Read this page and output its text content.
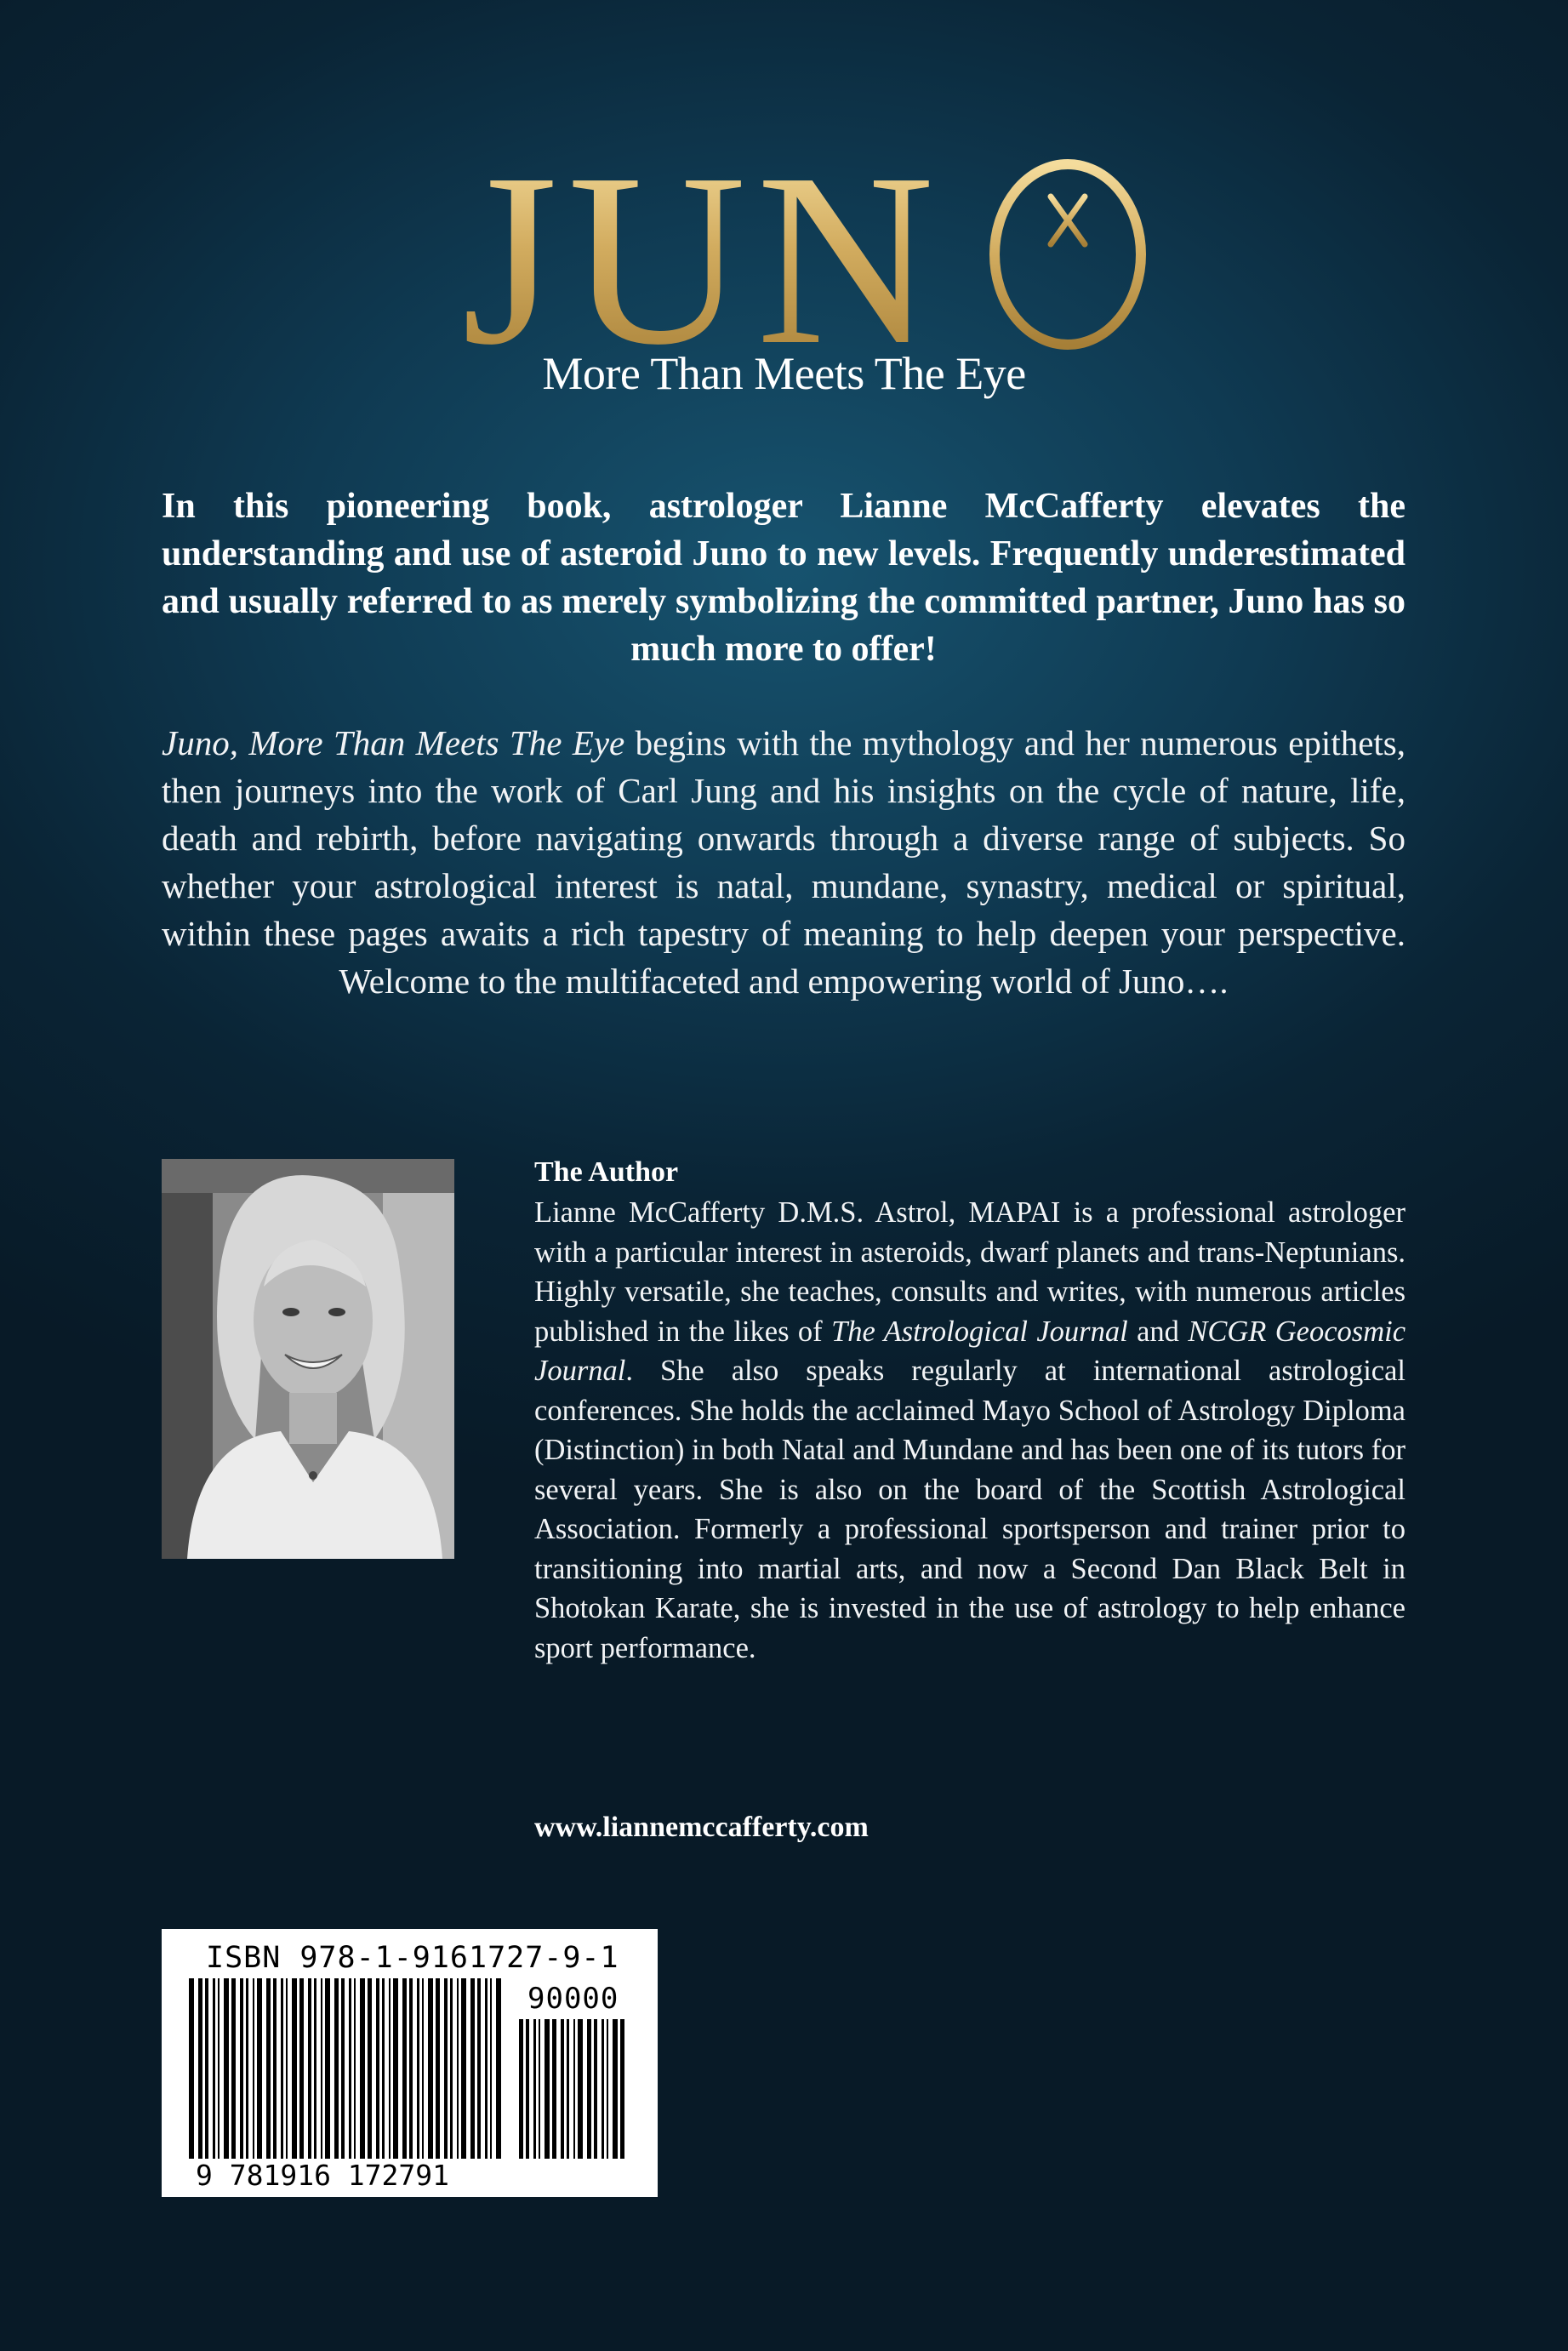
JUN
More Than Meets The Eye

In this pioneering book, astrologer Lianne McCafferty elevates the understanding and use of asteroid Juno to new levels. Frequently underestimated and usually referred to as merely symbolizing the committed partner, Juno has so much more to offer!

Juno, More Than Meets The Eye begins with the mythology and her numerous epithets, then journeys into the work of Carl Jung and his insights on the cycle of nature, life, death and rebirth, before navigating onwards through a diverse range of subjects. So whether your astrological interest is natal, mundane, synastry, medical or spiritual, within these pages awaits a rich tapestry of meaning to help deepen your perspective. Welcome to the multifaceted and empowering world of Juno….

The Author

Lianne McCafferty D.M.S. Astrol, MAPAI is a professional astrologer with a particular interest in asteroids, dwarf planets and trans-Neptunians. Highly versatile, she teaches, consults and writes, with numerous articles published in the likes of The Astrological Journal and NCGR Geocosmic Journal. She also speaks regularly at international astrological conferences. She holds the acclaimed Mayo School of Astrology Diploma (Distinction) in both Natal and Mundane and has been one of its tutors for several years. She is also on the board of the Scottish Astrological Association. Formerly a professional sportsperson and trainer prior to transitioning into martial arts, and now a Second Dan Black Belt in Shotokan Karate, she is invested in the use of astrology to help enhance sport performance.

www.liannemccafferty.com

ISBN 978-1-9161727-9-1

90000

9 781916 172791
